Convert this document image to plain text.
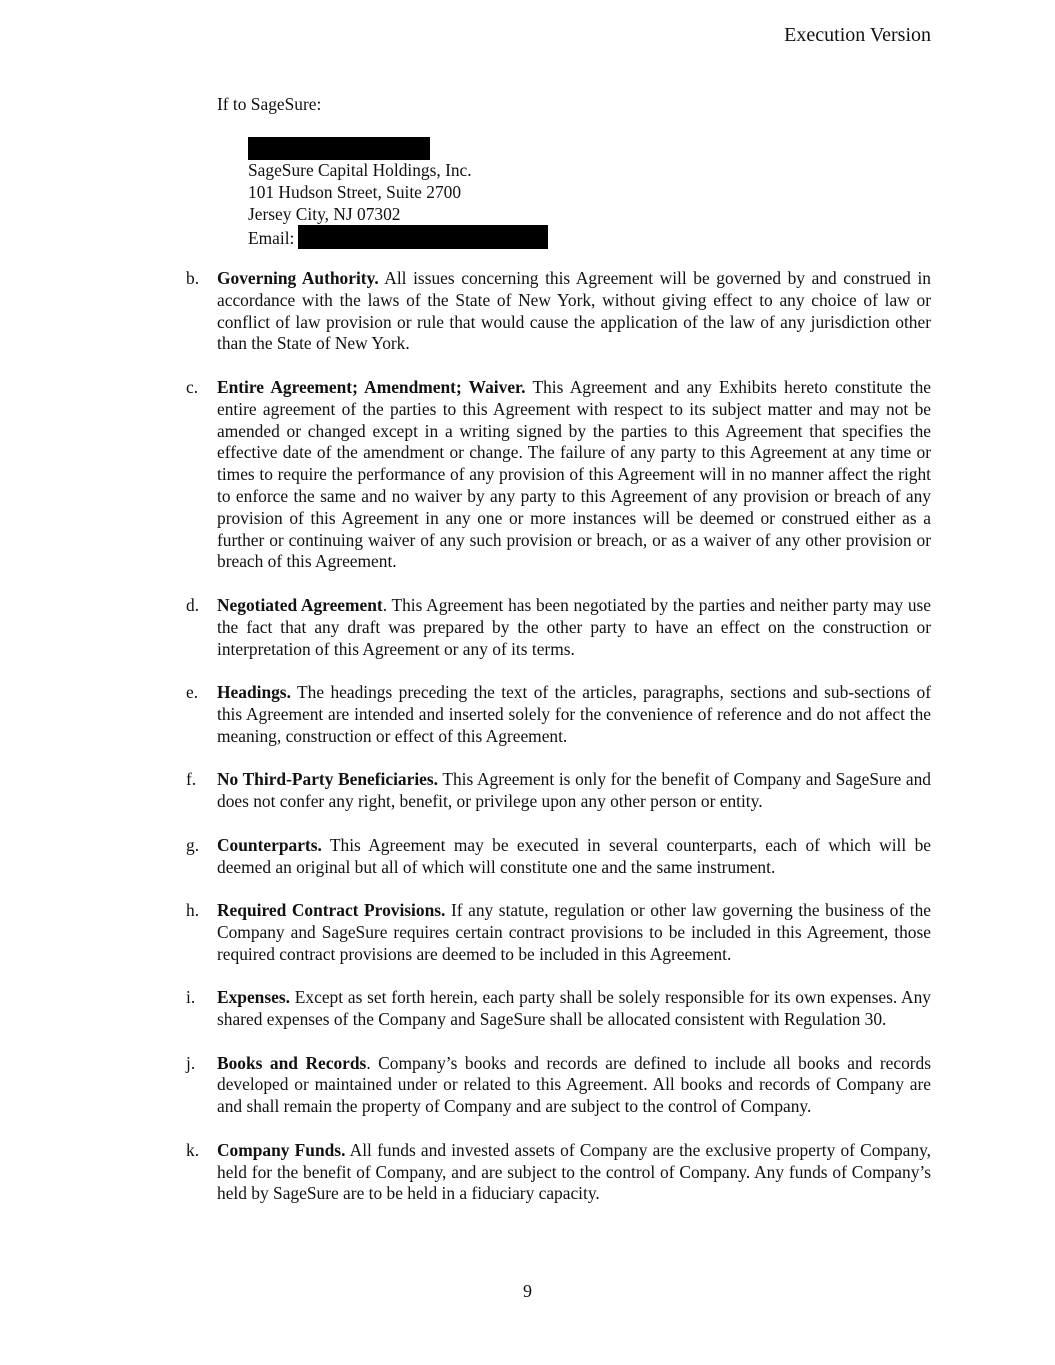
Execution Version
If to SageSure:
SageSure Capital Holdings, Inc.
101 Hudson Street, Suite 2700
Jersey City, NJ 07302
Email:
b.	Governing Authority. All issues concerning this Agreement will be governed by and construed in accordance with the laws of the State of New York, without giving effect to any choice of law or conflict of law provision or rule that would cause the application of the law of any jurisdiction other than the State of New York.
c.	Entire Agreement; Amendment; Waiver. This Agreement and any Exhibits hereto constitute the entire agreement of the parties to this Agreement with respect to its subject matter and may not be amended or changed except in a writing signed by the parties to this Agreement that specifies the effective date of the amendment or change. The failure of any party to this Agreement at any time or times to require the performance of any provision of this Agreement will in no manner affect the right to enforce the same and no waiver by any party to this Agreement of any provision or breach of any provision of this Agreement in any one or more instances will be deemed or construed either as a further or continuing waiver of any such provision or breach, or as a waiver of any other provision or breach of this Agreement.
d.	Negotiated Agreement. This Agreement has been negotiated by the parties and neither party may use the fact that any draft was prepared by the other party to have an effect on the construction or interpretation of this Agreement or any of its terms.
e.	Headings. The headings preceding the text of the articles, paragraphs, sections and sub-sections of this Agreement are intended and inserted solely for the convenience of reference and do not affect the meaning, construction or effect of this Agreement.
f.	No Third-Party Beneficiaries. This Agreement is only for the benefit of Company and SageSure and does not confer any right, benefit, or privilege upon any other person or entity.
g.	Counterparts. This Agreement may be executed in several counterparts, each of which will be deemed an original but all of which will constitute one and the same instrument.
h.	Required Contract Provisions. If any statute, regulation or other law governing the business of the Company and SageSure requires certain contract provisions to be included in this Agreement, those required contract provisions are deemed to be included in this Agreement.
i.	Expenses. Except as set forth herein, each party shall be solely responsible for its own expenses. Any shared expenses of the Company and SageSure shall be allocated consistent with Regulation 30.
j.	Books and Records. Company’s books and records are defined to include all books and records developed or maintained under or related to this Agreement. All books and records of Company are and shall remain the property of Company and are subject to the control of Company.
k.	Company Funds. All funds and invested assets of Company are the exclusive property of Company, held for the benefit of Company, and are subject to the control of Company. Any funds of Company’s held by SageSure are to be held in a fiduciary capacity.
9
